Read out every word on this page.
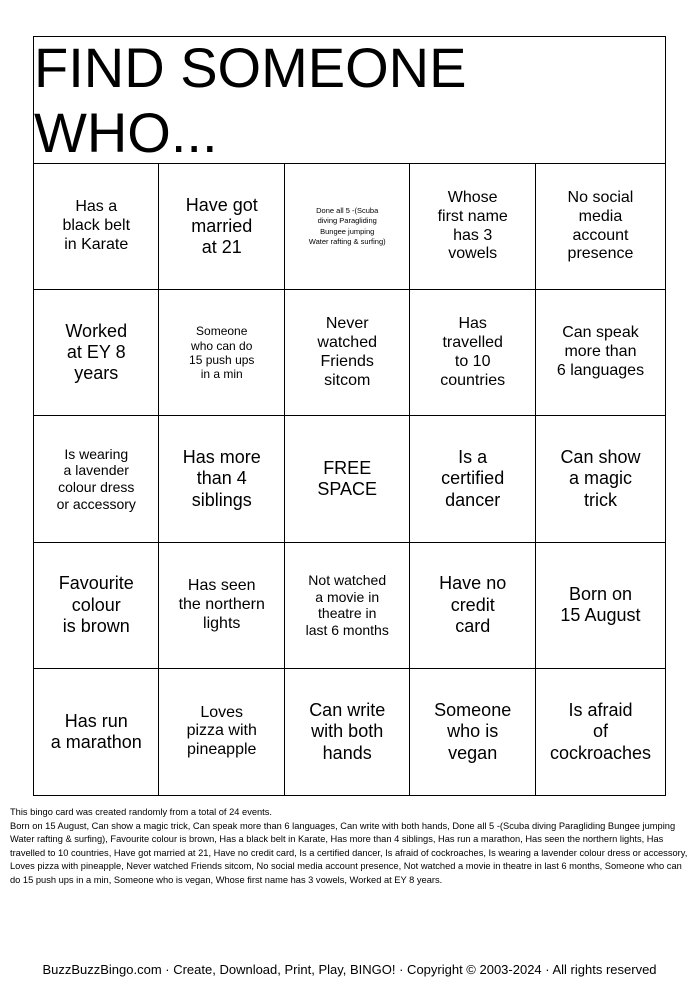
FIND SOMEONE WHO...
Has a
black belt
in Karate
Have got
married
at 21
Done all 5 -(Scuba
diving Paragliding
Bungee jumping
Water rafting & surfing)
Whose
first name
has 3
vowels
No social
media
account
presence
Worked
at EY 8
years
Someone
who can do
15 push ups
in a min
Never
watched
Friends
sitcom
Has
travelled
to 10
countries
Can speak
more than
6 languages
Is wearing
a lavender
colour dress
or accessory
Has more
than 4
siblings
FREE
SPACE
Is a
certified
dancer
Can show
a magic
trick
Favourite
colour
is brown
Has seen
the northern
lights
Not watched
a movie in
theatre in
last 6 months
Have no
credit
card
Born on
15 August
Has run
a marathon
Loves
pizza with
pineapple
Can write
with both
hands
Someone
who is
vegan
Is afraid
of
cockroaches
This bingo card was created randomly from a total of 24 events.
Born on 15 August, Can show a magic trick, Can speak more than 6 languages, Can write with both hands, Done all 5 -(Scuba diving Paragliding Bungee jumping Water rafting & surfing), Favourite colour is brown, Has a black belt in Karate, Has more than 4 siblings, Has run a marathon, Has seen the northern lights, Has travelled to 10 countries, Have got married at 21, Have no credit card, Is a certified dancer, Is afraid of cockroaches, Is wearing a lavender colour dress or accessory, Loves pizza with pineapple, Never watched Friends sitcom, No social media account presence, Not watched a movie in theatre in last 6 months, Someone who can do 15 push ups in a min, Someone who is vegan, Whose first name has 3 vowels, Worked at EY 8 years.
BuzzBuzzBingo.com · Create, Download, Print, Play, BINGO! · Copyright © 2003-2024 · All rights reserved
